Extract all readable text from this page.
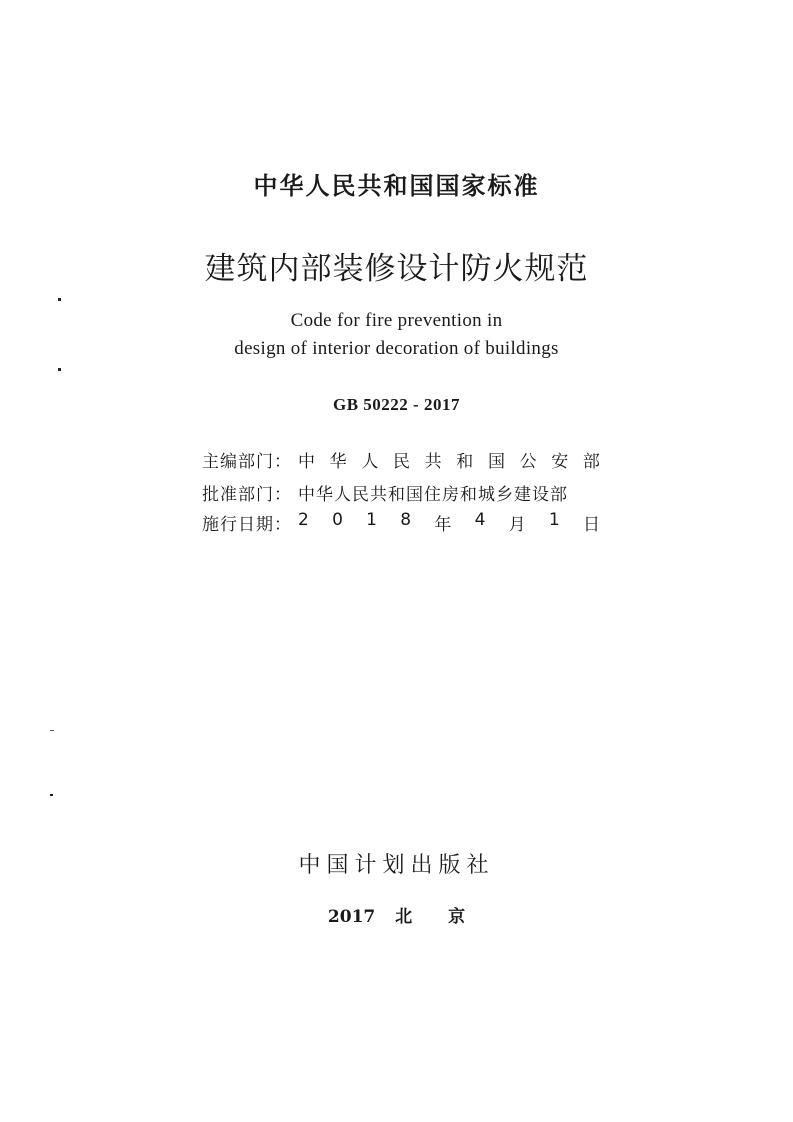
中华人民共和国国家标准
建筑内部装修设计防火规范
Code for fire prevention in
design of interior decoration of buildings
GB 50222 - 2017
主编部门： 中 华 人 民 共 和 国 公 安 部
批准部门： 中华人民共和国住房和城乡建设部
施行日期： 2 0 1 8 年 4 月 1 日
中国计划出版社
2017 北 京
